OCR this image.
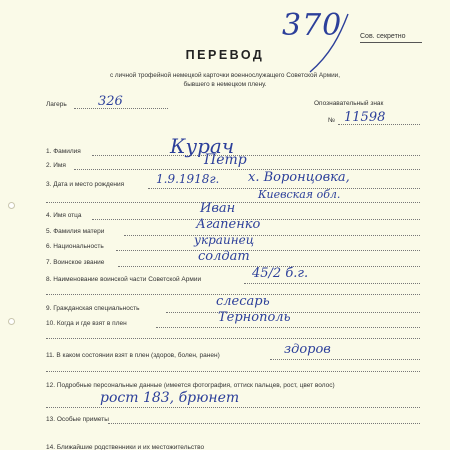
370	Сов. секретно
ПЕРЕВОД
с личной трофейной немецкой карточки военнослужащего Советской Армии,
бывшего в немецком плену.
Лагерь 326	Опознавательный знак
№ 11598
1. Фамилия	Курач
2. Имя	Петр
3. Дата и место рождения	1.9.1918г. х. Воронцовка,
Киевская обл.
4. Имя отца	Иван
5. Фамилия матери	Агапенко
6. Национальность	украинец
7. Воинское звание	солдат
8. Наименование воинской части Советской Армии	45/2 б.г.
9. Гражданская специальность	слесарь
10. Когда и где взят в плен	Тернополь
11. В каком состоянии взят в плен (здоров, болен, ранен)	здоров
12. Подробные персональные данные (имеется фотография, оттиск пальцев, рост, цвет волос)
рост 183, брюнет
13. Особые приметы
14. Ближайшие родственники и их местожительство
